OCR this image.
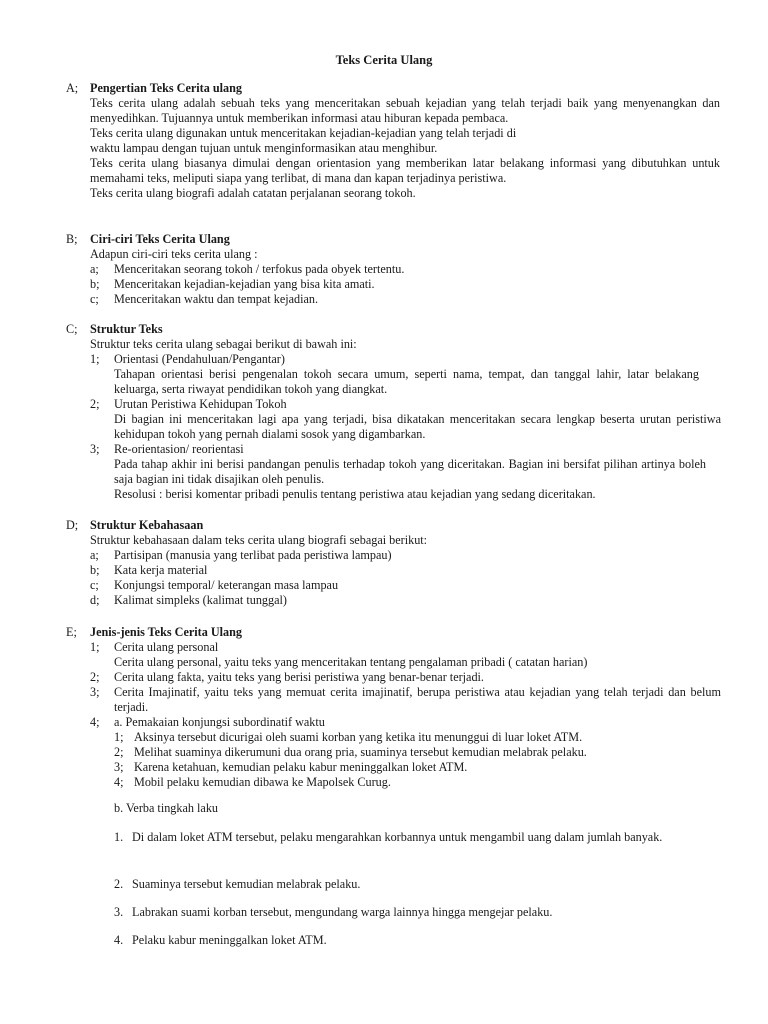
Teks Cerita Ulang
A; Pengertian Teks Cerita ulang

Teks cerita ulang adalah sebuah teks yang menceritakan sebuah kejadian yang telah terjadi baik yang menyenangkan dan menyedihkan. Tujuannya untuk memberikan informasi atau hiburan kepada pembaca.

Teks cerita ulang digunakan untuk menceritakan kejadian-kejadian yang telah terjadi di waktu lampau dengan tujuan untuk menginformasikan atau menghibur.

Teks cerita ulang biasanya dimulai dengan orientasion yang memberikan latar belakang informasi yang dibutuhkan untuk memahami teks, meliputi siapa yang terlibat, di mana dan kapan terjadinya peristiwa.

Teks cerita ulang biografi adalah catatan perjalanan seorang tokoh.

B;	Ciri-ciri Teks Cerita Ulang

Adapun ciri-ciri teks cerita ulang :

a;	Menceritakan seorang tokoh / terfokus pada obyek tertentu.
b;	Menceritakan kejadian-kejadian yang bisa kita amati.
c;	Menceritakan waktu dan tempat kejadian.
C;	Struktur Teks

Struktur teks cerita ulang sebagai berikut di bawah ini:

1;	Orientasi (Pendahuluan/Pengantar)
Tahapan orientasi berisi pengenalan tokoh secara umum, seperti nama, tempat, dan tanggal lahir, latar belakang keluarga, serta riwayat pendidikan tokoh yang diangkat.
2;	Urutan Peristiwa Kehidupan Tokoh
Di bagian ini menceritakan lagi apa yang terjadi, bisa dikatakan menceritakan secara lengkap beserta urutan peristiwa kehidupan tokoh yang pernah dialami sosok yang digambarkan.
3;	Re-orientasion/ reorientasi
Pada tahap akhir ini berisi pandangan penulis terhadap tokoh yang diceritakan. Bagian ini bersifat pilihan artinya boleh saja bagian ini tidak disajikan oleh penulis.
Resolusi : berisi komentar pribadi penulis tentang peristiwa atau kejadian yang sedang diceritakan.
D; Struktur Kebahasaan

Struktur kebahasaan dalam teks cerita ulang biografi sebagai berikut:

a;	Partisipan (manusia yang terlibat pada peristiwa lampau)
b;	Kata kerja material
c;	Konjungsi temporal/ keterangan masa lampau
d;	Kalimat simpleks (kalimat tunggal)
E;	Jenis-jenis Teks Cerita Ulang
1;	Cerita ulang personal
Cerita ulang personal, yaitu teks yang menceritakan tentang pengalaman pribadi ( catatan harian)
2;	Cerita ulang fakta, yaitu teks yang berisi peristiwa yang benar-benar terjadi.
3;	Cerita Imajinatif, yaitu teks yang memuat cerita imajinatif, berupa peristiwa atau kejadian yang telah terjadi dan belum terjadi.
4;	a. Pemakaian konjungsi subordinatif waktu
1; Aksinya tersebut dicurigai oleh suami korban yang ketika itu menunggui di luar loket ATM.
2; Melihat suaminya dikerumuni dua orang pria, suaminya tersebut kemudian melabrak pelaku.
3; Karena ketahuan, kemudian pelaku kabur meninggalkan loket ATM.
4; Mobil pelaku kemudian dibawa ke Mapolsek Curug.
b. Verba tingkah laku
1. Di dalam loket ATM tersebut, pelaku mengarahkan korbannya untuk mengambil uang dalam jumlah banyak.
2. Suaminya tersebut kemudian melabrak pelaku.
3. Labrakan suami korban tersebut, mengundang warga lainnya hingga mengejar pelaku.
4. Pelaku kabur meninggalkan loket ATM.
